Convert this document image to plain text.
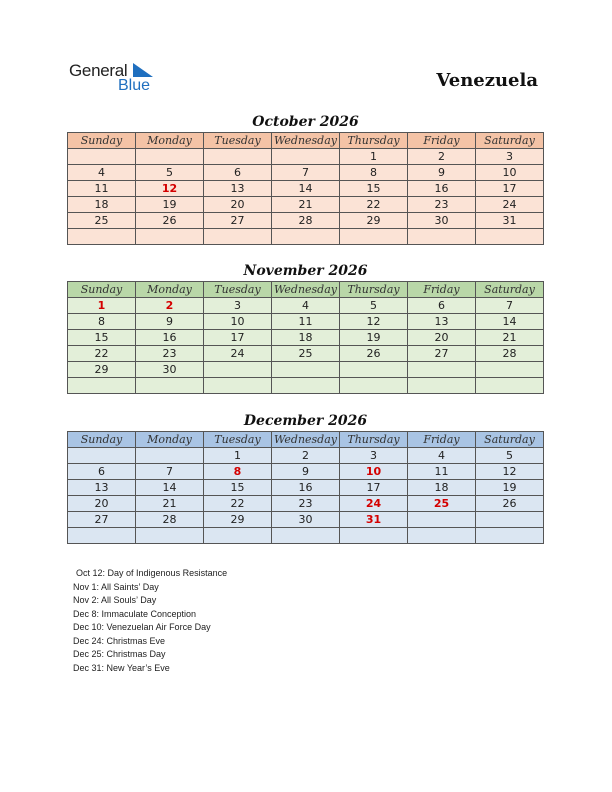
General
Blue	Venezuela
October 2026
Sunday	Monday	Tuesday	Wednesday	Thursday	Friday	Saturday
				1	2	3
4	5	6	7	8	9	10
11	12	13	14	15	16	17
18	19	20	21	22	23	24
25	26	27	28	29	30	31

November 2026
Sunday	Monday	Tuesday	Wednesday	Thursday	Friday	Saturday
1	2	3	4	5	6	7
8	9	10	11	12	13	14
15	16	17	18	19	20	21
22	23	24	25	26	27	28
29	30					

December 2026
Sunday	Monday	Tuesday	Wednesday	Thursday	Friday	Saturday
		1	2	3	4	5
6	7	8	9	10	11	12
13	14	15	16	17	18	19
20	21	22	23	24	25	26
27	28	29	30	31		

Oct 12: Day of Indigenous Resistance
Nov 1: All Saints’ Day
Nov 2: All Souls’ Day
Dec 8: Immaculate Conception
Dec 10: Venezuelan Air Force Day
Dec 24: Christmas Eve
Dec 25: Christmas Day
Dec 31: New Year’s Eve
